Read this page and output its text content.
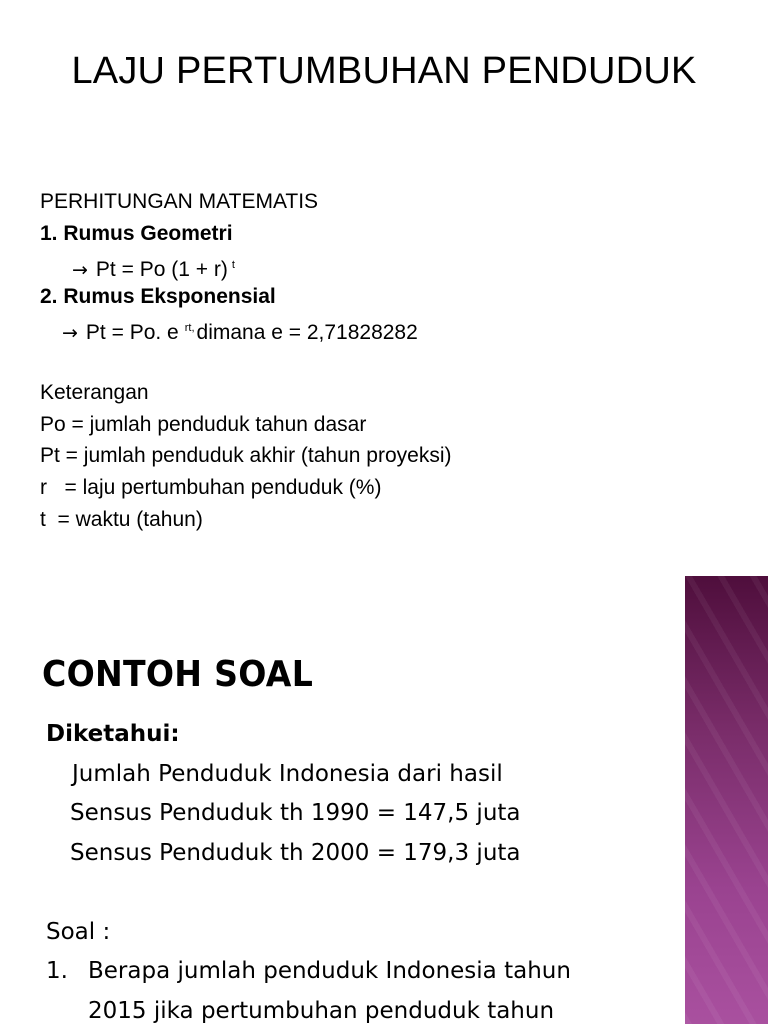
LAJU PERTUMBUHAN PENDUDUK
PERHITUNGAN MATEMATIS
1. Rumus Geometri
→ Pt = Po (1 + r) $^t$
2. Rumus Eksponensial
→ Pt = Po. e $^{rt,}$dimana e = 2,71828282
Keterangan
Po = jumlah penduduk tahun dasar
Pt = jumlah penduduk akhir (tahun proyeksi)
r   = laju pertumbuhan penduduk (%)
t  = waktu (tahun)
CONTOH SOAL
Diketahui:
Jumlah Penduduk Indonesia dari hasil
Sensus Penduduk th 1990 = 147,5 juta
Sensus Penduduk th 2000 = 179,3 juta
Soal :
1. Berapa jumlah penduduk Indonesia tahun
2015 jika pertumbuhan penduduk tahun
